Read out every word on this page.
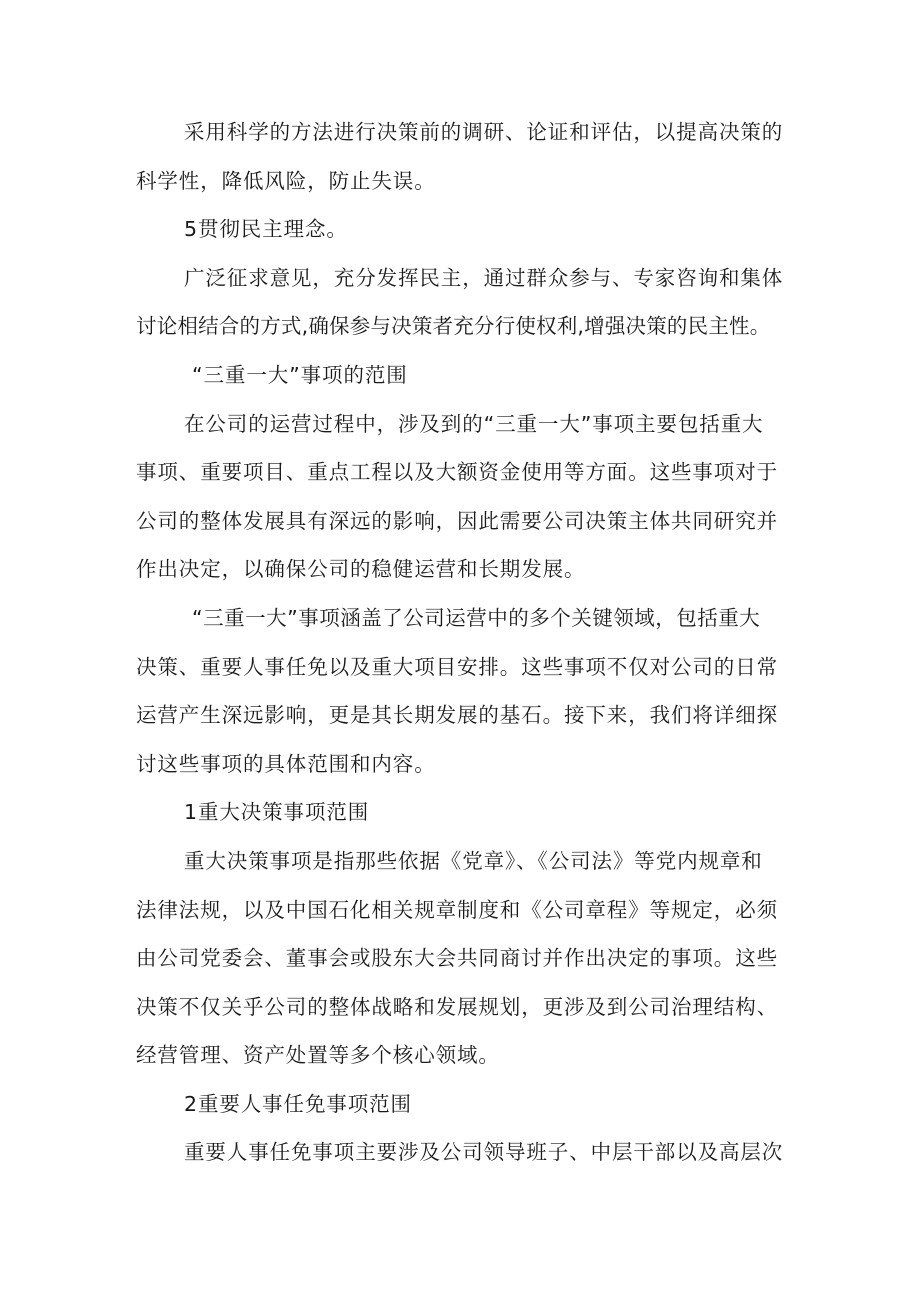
采用科学的方法进行决策前的调研、论证和评估，以提高决策的
科学性，降低风险，防止失误。

5贯彻民主理念。

广泛征求意见，充分发挥民主，通过群众参与、专家咨询和集体
讨论相结合的方式,确保参与决策者充分行使权利,增强决策的民主性。

“三重一大”事项的范围

在公司的运营过程中，涉及到的“三重一大”事项主要包括重大
事项、重要项目、重点工程以及大额资金使用等方面。这些事项对于
公司的整体发展具有深远的影响，因此需要公司决策主体共同研究并
作出决定，以确保公司的稳健运营和长期发展。

“三重一大”事项涵盖了公司运营中的多个关键领域，包括重大
决策、重要人事任免以及重大项目安排。这些事项不仅对公司的日常
运营产生深远影响，更是其长期发展的基石。接下来，我们将详细探
讨这些事项的具体范围和内容。

1重大决策事项范围

重大决策事项是指那些依据《党章》、《公司法》等党内规章和
法律法规，以及中国石化相关规章制度和《公司章程》等规定，必须
由公司党委会、董事会或股东大会共同商讨并作出决定的事项。这些
决策不仅关乎公司的整体战略和发展规划，更涉及到公司治理结构、
经营管理、资产处置等多个核心领域。

2重要人事任免事项范围

重要人事任免事项主要涉及公司领导班子、中层干部以及高层次
